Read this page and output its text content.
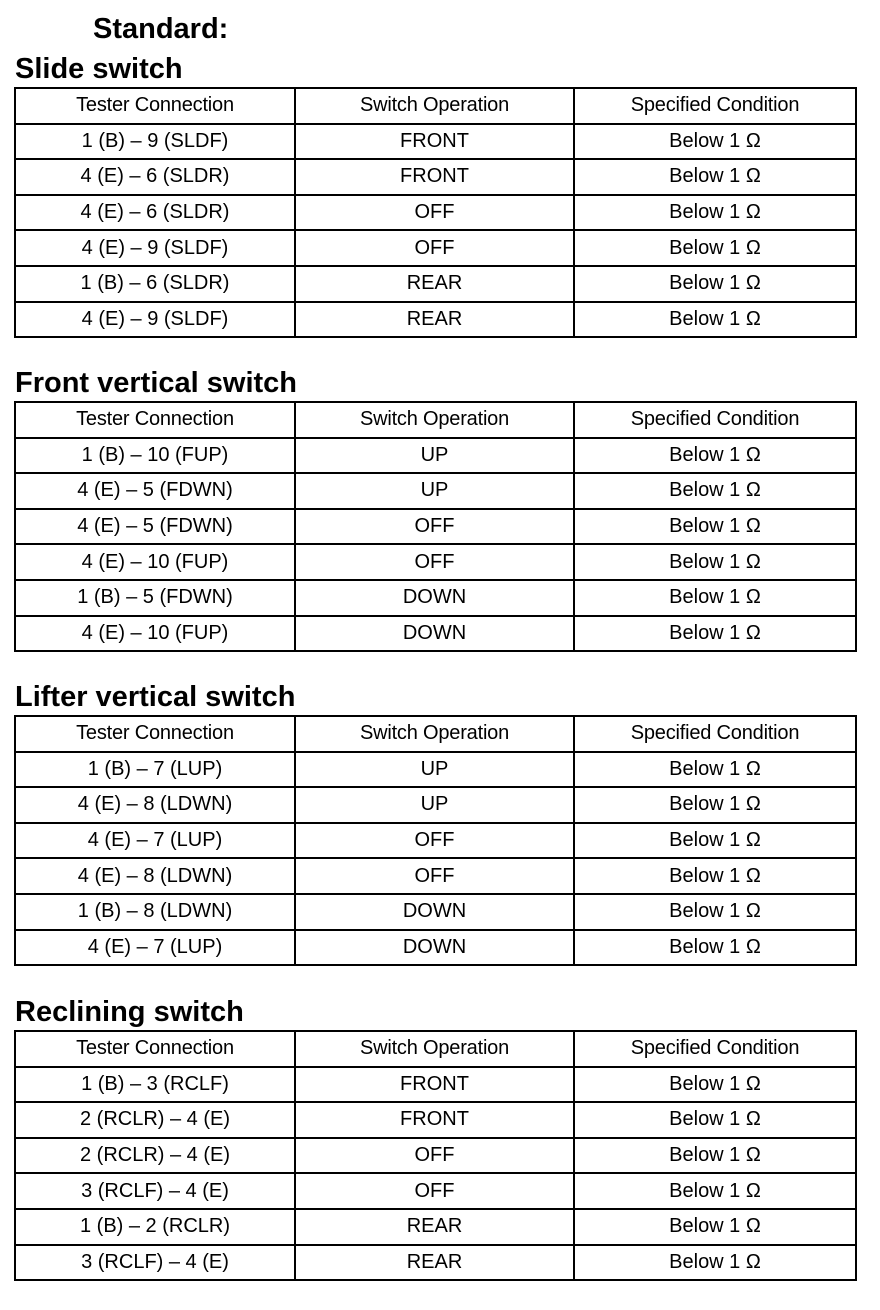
Standard:
Slide switch
Tester Connection	Switch Operation	Specified Condition
1 (B) – 9 (SLDF)	FRONT	Below 1 Ω
4 (E) – 6 (SLDR)	FRONT	Below 1 Ω
4 (E) – 6 (SLDR)	OFF	Below 1 Ω
4 (E) – 9 (SLDF)	OFF	Below 1 Ω
1 (B) – 6 (SLDR)	REAR	Below 1 Ω
4 (E) – 9 (SLDF)	REAR	Below 1 Ω
Front vertical switch
Tester Connection	Switch Operation	Specified Condition
1 (B) – 10 (FUP)	UP	Below 1 Ω
4 (E) – 5 (FDWN)	UP	Below 1 Ω
4 (E) – 5 (FDWN)	OFF	Below 1 Ω
4 (E) – 10 (FUP)	OFF	Below 1 Ω
1 (B) – 5 (FDWN)	DOWN	Below 1 Ω
4 (E) – 10 (FUP)	DOWN	Below 1 Ω
Lifter vertical switch
Tester Connection	Switch Operation	Specified Condition
1 (B) – 7 (LUP)	UP	Below 1 Ω
4 (E) – 8 (LDWN)	UP	Below 1 Ω
4 (E) – 7 (LUP)	OFF	Below 1 Ω
4 (E) – 8 (LDWN)	OFF	Below 1 Ω
1 (B) – 8 (LDWN)	DOWN	Below 1 Ω
4 (E) – 7 (LUP)	DOWN	Below 1 Ω
Reclining switch
Tester Connection	Switch Operation	Specified Condition
1 (B) – 3 (RCLF)	FRONT	Below 1 Ω
2 (RCLR) – 4 (E)	FRONT	Below 1 Ω
2 (RCLR) – 4 (E)	OFF	Below 1 Ω
3 (RCLF) – 4 (E)	OFF	Below 1 Ω
1 (B) – 2 (RCLR)	REAR	Below 1 Ω
3 (RCLF) – 4 (E)	REAR	Below 1 Ω
